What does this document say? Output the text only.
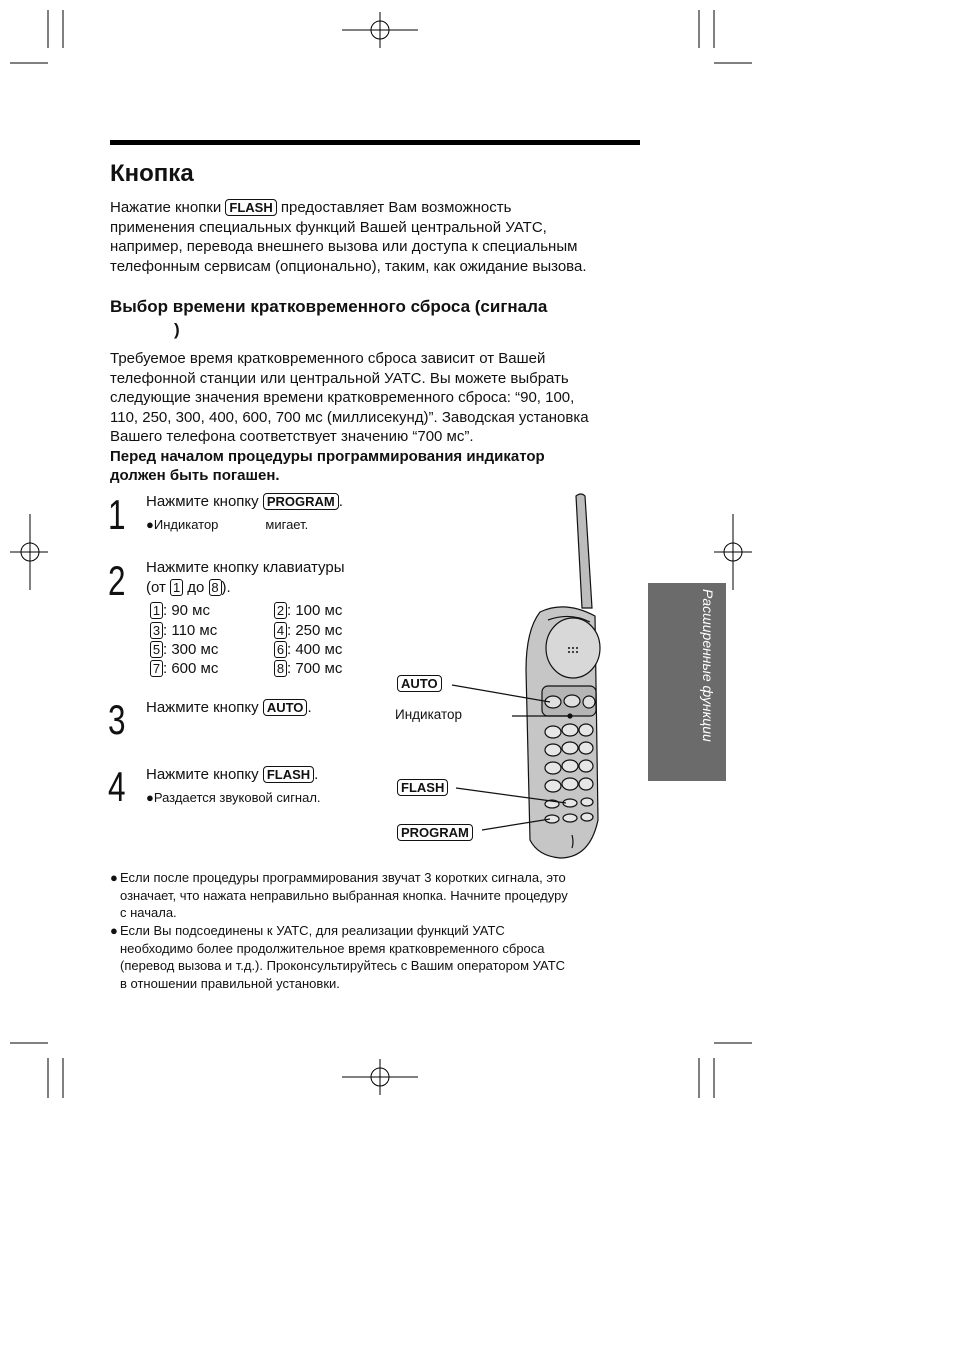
Кнопка
Нажатие кнопки FLASH предоставляет Вам возможность
применения специальных функций Вашей центральной УАТС,
например, перевода внешнего вызова или доступа к специальным
телефонным сервисам (опционально), таким, как ожидание вызова.
Выбор времени кратковременного сброса (сигнала
)
Требуемое время кратковременного сброса зависит от Вашей
телефонной станции или центральной УАТС. Вы можете выбрать
следующие значения времени кратковременного сброса: “90, 100,
110, 250, 300, 400, 600, 700 мс (миллисекунд)”. Заводская установка
Вашего телефона соответствует значению “700 мс”.
Перед началом процедуры программирования индикатор
должен быть погашен.
1 Нажмите кнопку PROGRAM .
●Индикатор	мигает.
2 Нажмите кнопку клавиатуры
(от 1 до 8 ).
1 : 90 мс	2 : 100 мс
3 : 110 мс	4 : 250 мс
5 : 300 мс	6 : 400 мс
7 : 600 мс	8 : 700 мс
3 Нажмите кнопку AUTO .
4 Нажмите кнопку FLASH .
●Раздается звуковой сигнал.
AUTO
Индикатор
FLASH
PROGRAM
Расширенные функции
● Если после процедуры программирования звучат 3 коротких сигнала, это
означает, что нажата неправильно выбранная кнопка. Начните процедуру
с начала.
● Если Вы подсоединены к УАТС, для реализации функций УАТС
необходимо более продолжительное время кратковременного сброса
(перевод вызова и т.д.). Проконсультируйтесь с Вашим оператором УАТС
в отношении правильной установки.
